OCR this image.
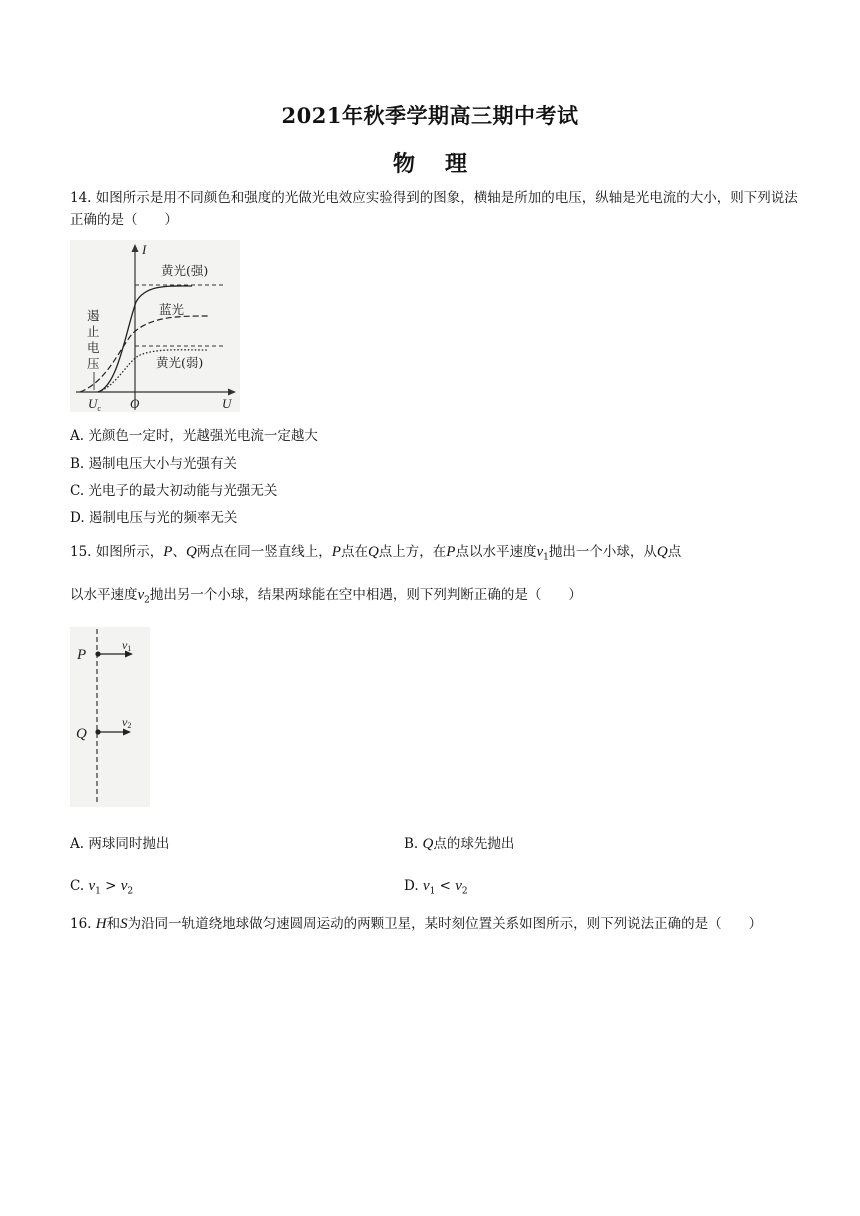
2021年秋季学期高三期中考试
物 理
14. 如图所示是用不同颜色和强度的光做光电效应实验得到的图象，横轴是所加的电压，纵轴是光电流的大小，则下列说法正确的是（　　）
I
黄光(强)
蓝光
黄光(弱)
遏
止
电
压
$U_c$ O	U
A. 光颜色一定时，光越强光电流一定越大
B. 遏制电压大小与光强有关
C. 光电子的最大初动能与光强无关
D. 遏制电压与光的频率无关
15. 如图所示，P、Q两点在同一竖直线上，P点在Q点上方，在P点以水平速度$v_1$抛出一个小球，从Q点
以水平速度$v_2$抛出另一个小球，结果两球能在空中相遇，则下列判断正确的是（　　）
P
Q
v1
v2
A. 两球同时抛出	B. Q点的球先抛出
C. $v_1 > v_2$	D. $v_1 < v_2$
16. H和S为沿同一轨道绕地球做匀速圆周运动的两颗卫星，某时刻位置关系如图所示，则下列说法正确的是（　　）
